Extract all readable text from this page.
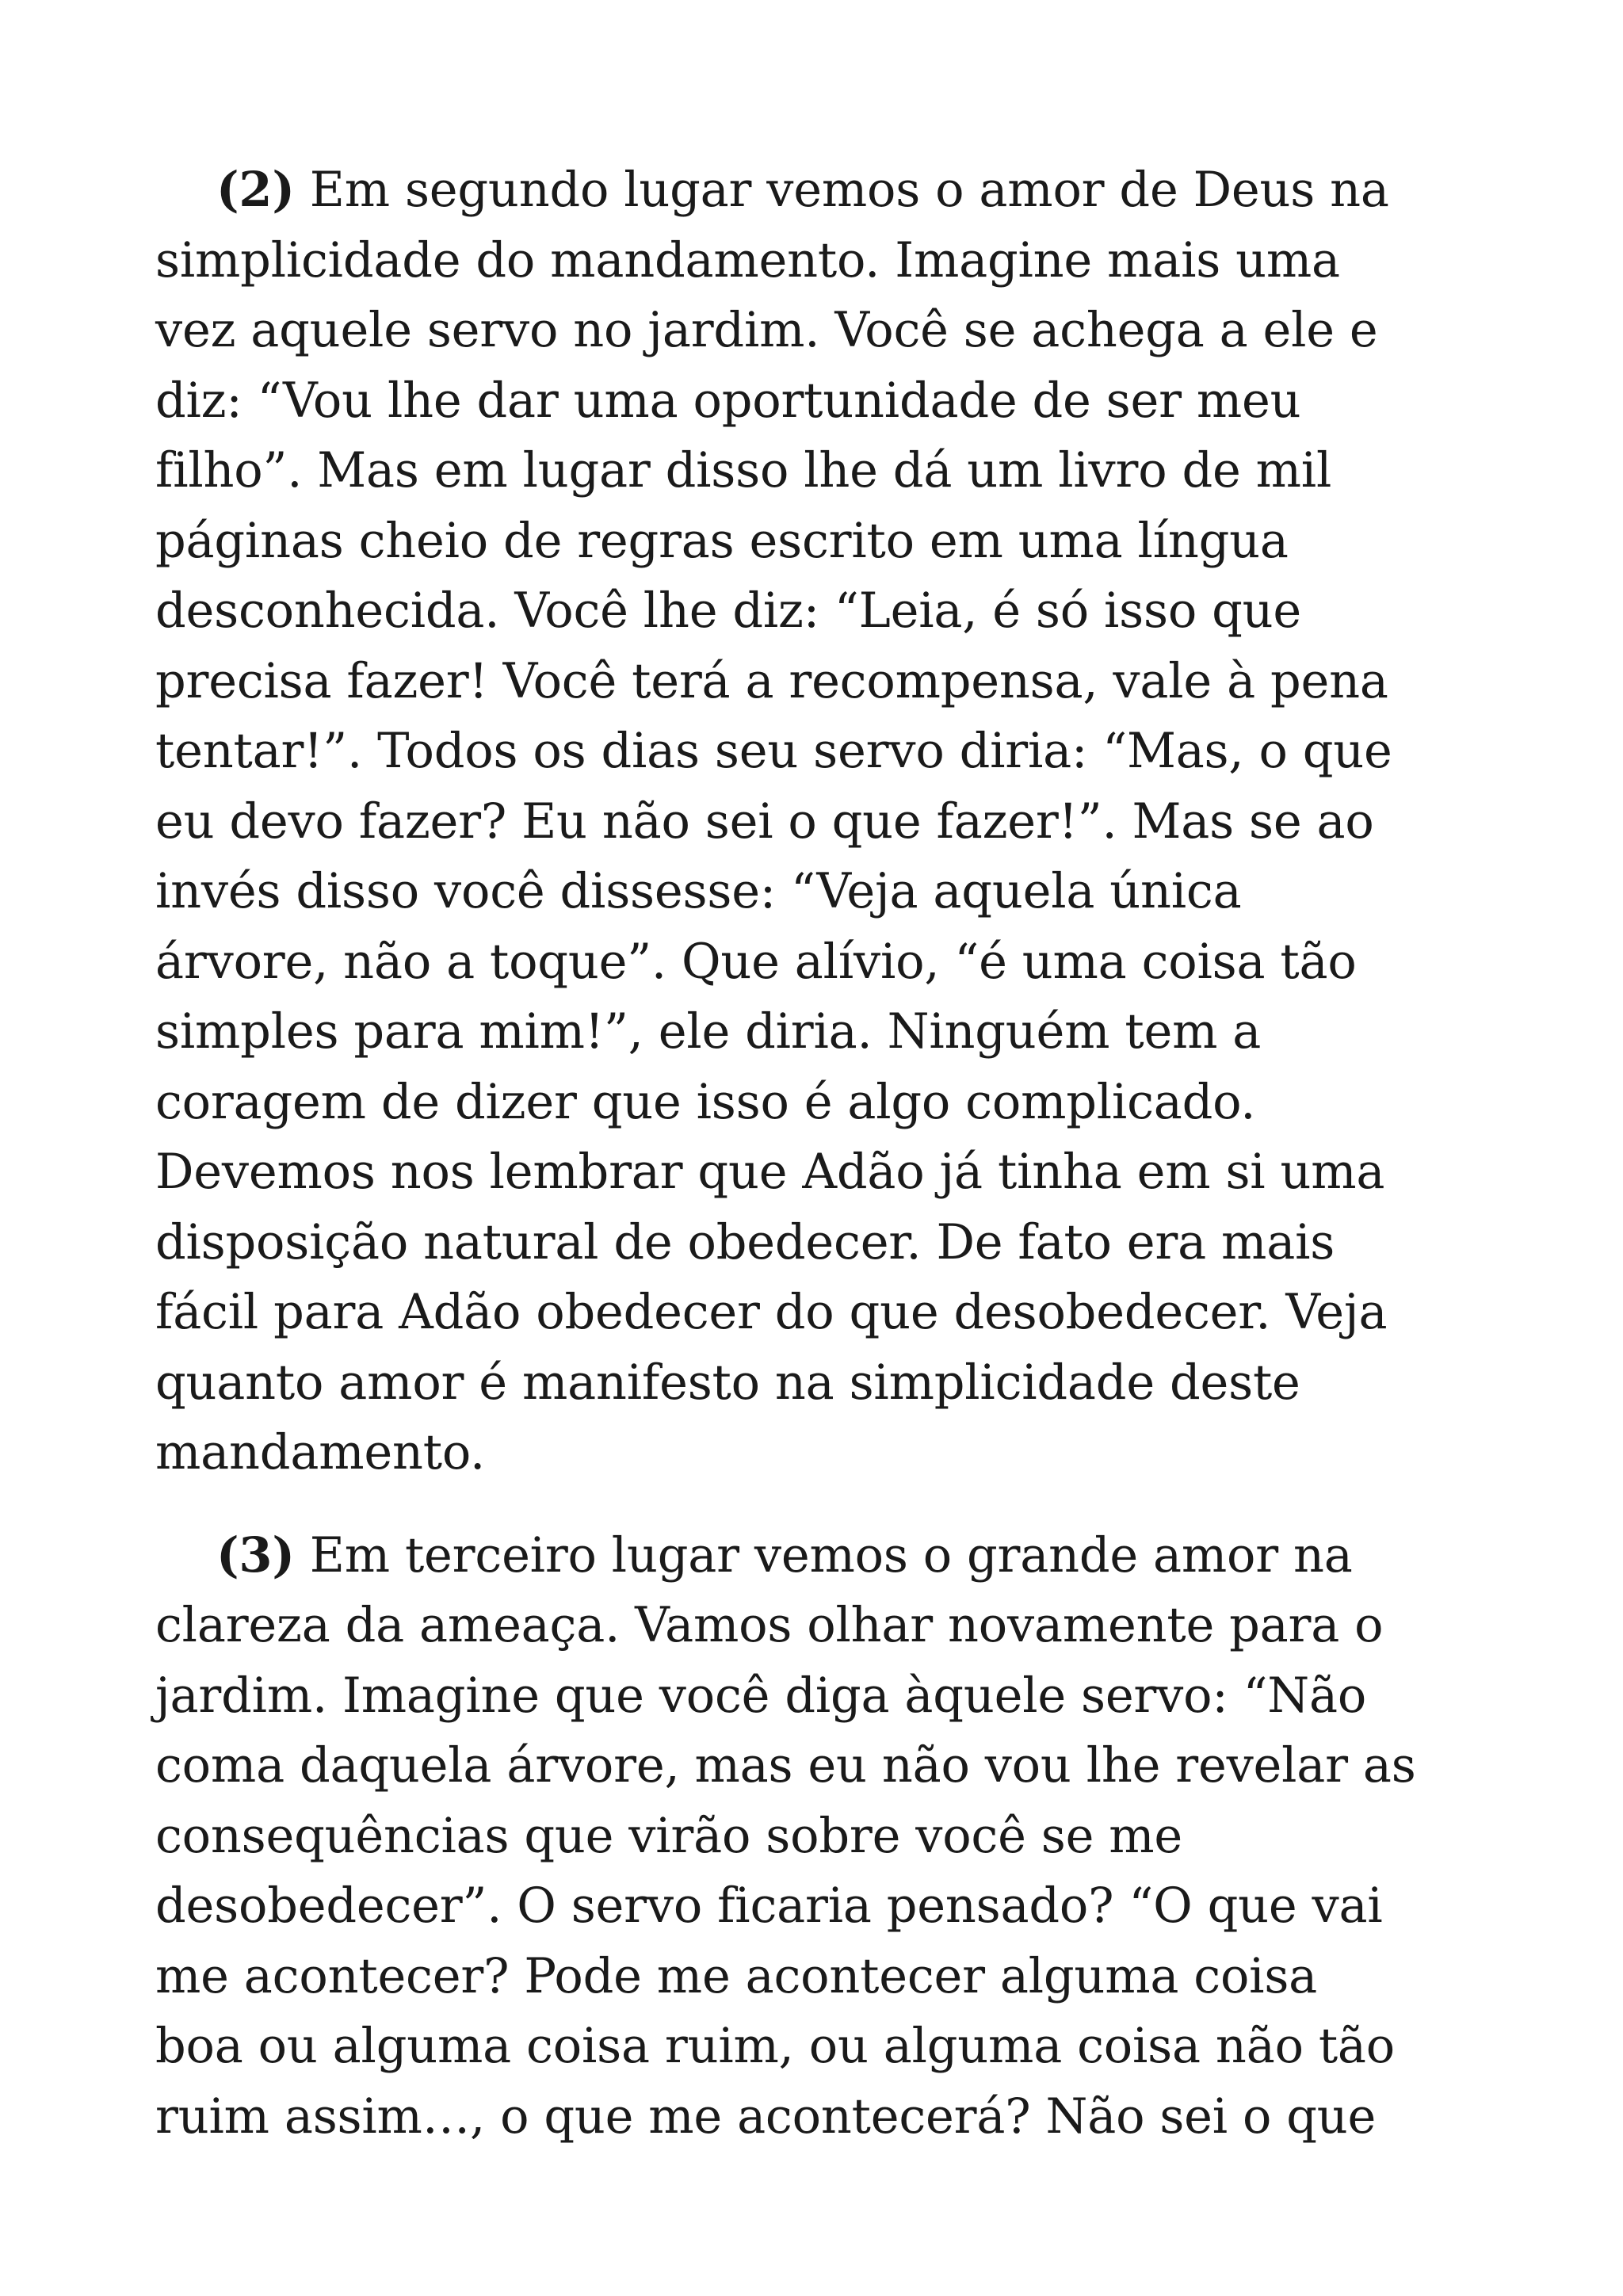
(2) Em segundo lugar vemos o amor de Deus na
simplicidade do mandamento. Imagine mais uma
vez aquele servo no jardim. Você se achega a ele e
diz: “Vou lhe dar uma oportunidade de ser meu
filho”. Mas em lugar disso lhe dá um livro de mil
páginas cheio de regras escrito em uma língua
desconhecida. Você lhe diz: “Leia, é só isso que
precisa fazer! Você terá a recompensa, vale à pena
tentar!”. Todos os dias seu servo diria: “Mas, o que
eu devo fazer? Eu não sei o que fazer!”. Mas se ao
invés disso você dissesse: “Veja aquela única
árvore, não a toque”. Que alívio, “é uma coisa tão
simples para mim!”, ele diria. Ninguém tem a
coragem de dizer que isso é algo complicado.
Devemos nos lembrar que Adão já tinha em si uma
disposição natural de obedecer. De fato era mais
fácil para Adão obedecer do que desobedecer. Veja
quanto amor é manifesto na simplicidade deste
mandamento.

(3) Em terceiro lugar vemos o grande amor na
clareza da ameaça. Vamos olhar novamente para o
jardim. Imagine que você diga àquele servo: “Não
coma daquela árvore, mas eu não vou lhe revelar as
consequências que virão sobre você se me
desobedecer”. O servo ficaria pensado? “O que vai
me acontecer? Pode me acontecer alguma coisa
boa ou alguma coisa ruim, ou alguma coisa não tão
ruim assim…, o que me acontecerá? Não sei o que
